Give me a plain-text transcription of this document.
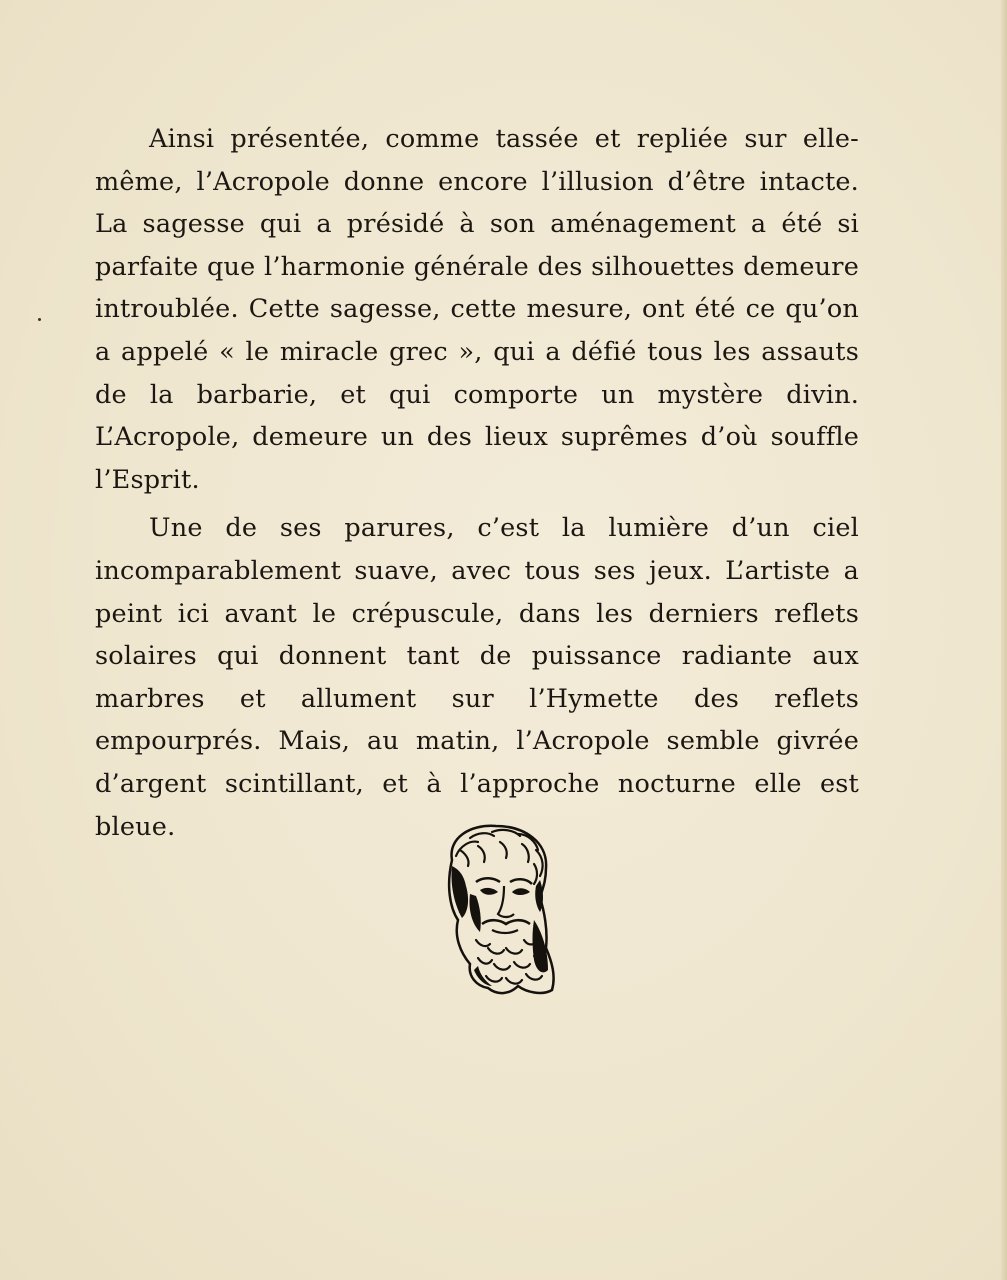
Ainsi présentée, comme tassée et repliée sur elle-même, l’Acropole donne encore l’illusion d’être intacte. La sagesse qui a présidé à son aménagement a été si parfaite que l’harmonie générale des silhouettes demeure introublée. Cette sagesse, cette mesure, ont été ce qu’on a appelé « le miracle grec », qui a défié tous les assauts de la barbarie, et qui comporte un mystère divin. L’Acropole, demeure un des lieux suprêmes d’où souffle l’Esprit.

Une de ses parures, c’est la lumière d’un ciel incomparablement suave, avec tous ses jeux. L’artiste a peint ici avant le crépuscule, dans les derniers reflets solaires qui donnent tant de puissance radiante aux marbres et allument sur l’Hymette des reflets empourprés. Mais, au matin, l’Acropole semble givrée d’argent scintillant, et à l’approche nocturne elle est bleue.
